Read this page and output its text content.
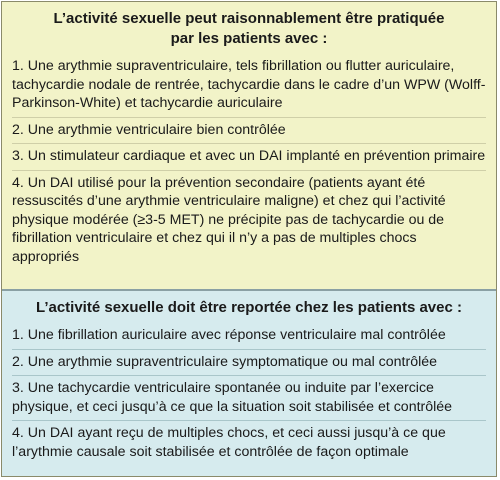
L’activité sexuelle peut raisonnablement être pratiquée
par les patients avec :

1. Une arythmie supraventriculaire, tels fibrillation ou flutter auriculaire, tachycardie nodale de rentrée, tachycardie dans le cadre d’un WPW (Wolff-Parkinson-White) et tachycardie auriculaire

2. Une arythmie ventriculaire bien contrôlée

3. Un stimulateur cardiaque et avec un DAI implanté en prévention primaire

4. Un DAI utilisé pour la prévention secondaire (patients ayant été ressuscités d’une arythmie ventriculaire maligne) et chez qui l’activité physique modérée (≥3-5 MET) ne précipite pas de tachycardie ou de fibrillation ventriculaire et chez qui il n’y a pas de multiples chocs appropriés

L’activité sexuelle doit être reportée chez les patients avec :

1. Une fibrillation auriculaire avec réponse ventriculaire mal contrôlée

2. Une arythmie supraventriculaire symptomatique ou mal contrôlée

3. Une tachycardie ventriculaire spontanée ou induite par l’exercice physique, et ceci jusqu’à ce que la situation soit stabilisée et contrôlée

4. Un DAI ayant reçu de multiples chocs, et ceci aussi jusqu’à ce que l’arythmie causale soit stabilisée et contrôlée de façon optimale
